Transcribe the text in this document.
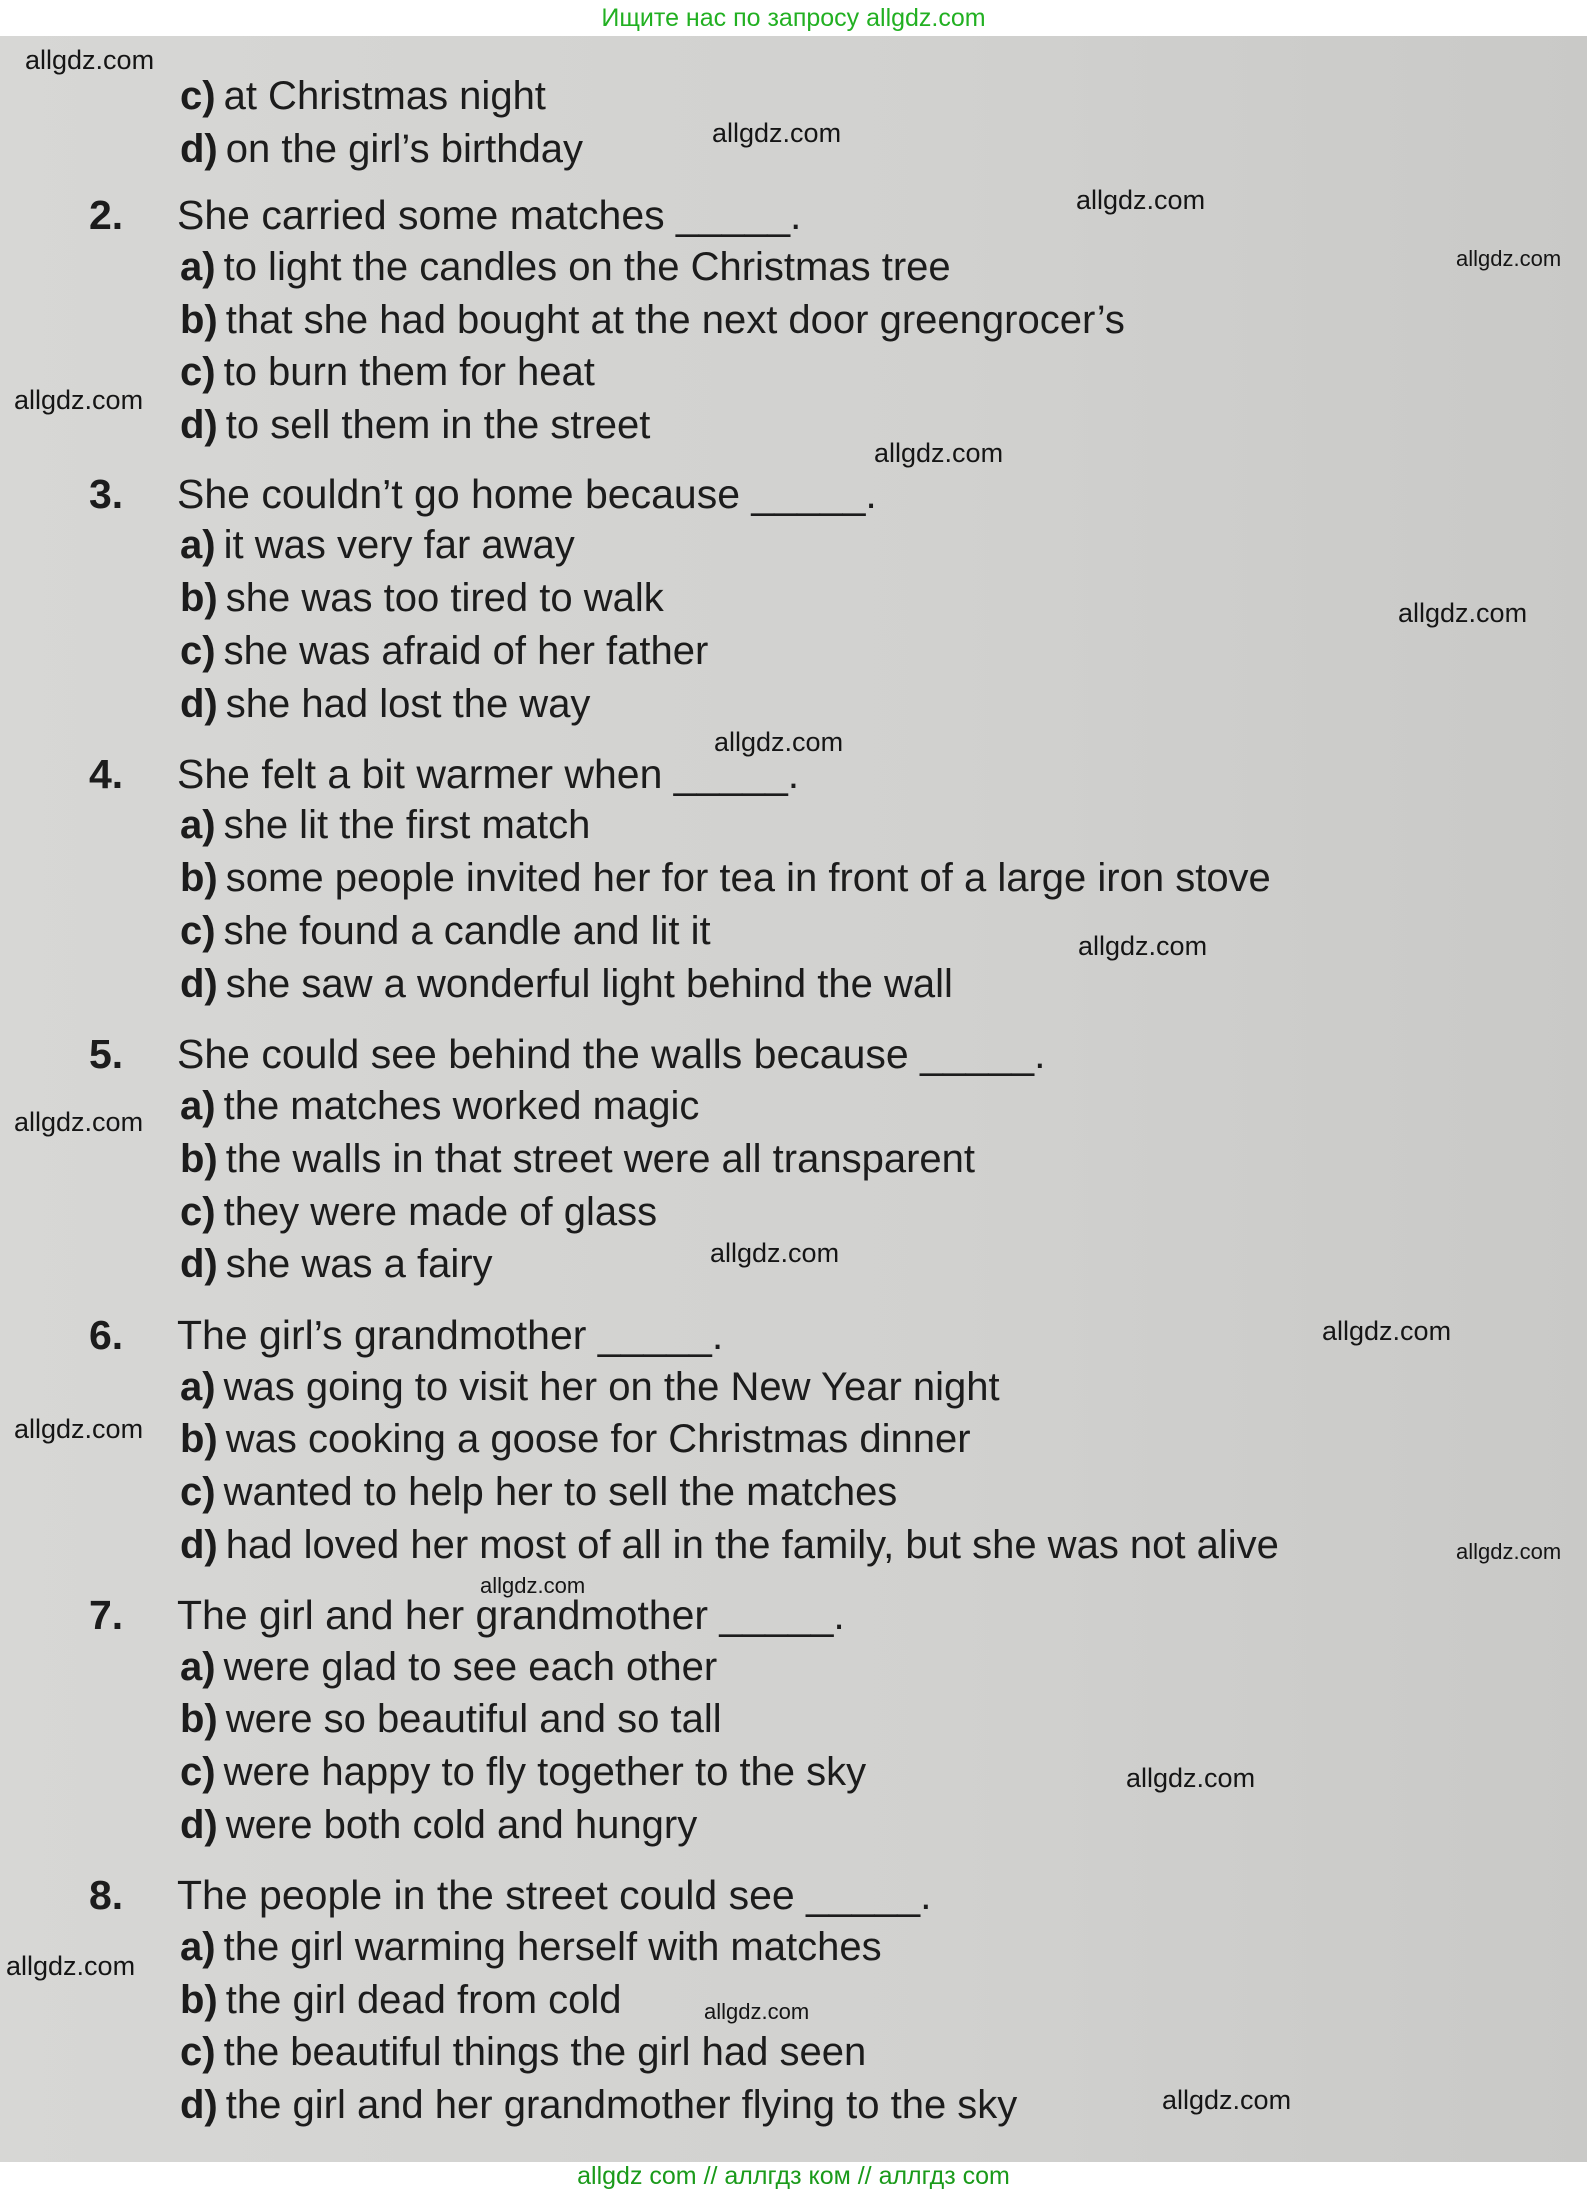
Ищите нас по запросу allgdz.com
c) at Christmas night
d) on the girl’s birthday
2. She carried some matches _____.
a) to light the candles on the Christmas tree
b) that she had bought at the next door greengrocer’s
c) to burn them for heat
d) to sell them in the street
3. She couldn’t go home because _____.
a) it was very far away
b) she was too tired to walk
c) she was afraid of her father
d) she had lost the way
4. She felt a bit warmer when _____.
a) she lit the first match
b) some people invited her for tea in front of a large iron stove
c) she found a candle and lit it
d) she saw a wonderful light behind the wall
5. She could see behind the walls because _____.
a) the matches worked magic
b) the walls in that street were all transparent
c) they were made of glass
d) she was a fairy
6. The girl’s grandmother _____.
a) was going to visit her on the New Year night
b) was cooking a goose for Christmas dinner
c) wanted to help her to sell the matches
d) had loved her most of all in the family, but she was not alive
7. The girl and her grandmother _____.
a) were glad to see each other
b) were so beautiful and so tall
c) were happy to fly together to the sky
d) were both cold and hungry
8. The people in the street could see _____.
a) the girl warming herself with matches
b) the girl dead from cold
c) the beautiful things the girl had seen
d) the girl and her grandmother flying to the sky
allgdz.com
allgdz.com
allgdz.com
allgdz.com
allgdz.com
allgdz.com
allgdz.com
allgdz.com
allgdz.com
allgdz.com
allgdz.com
allgdz.com
allgdz.com
allgdz.com
allgdz.com
allgdz.com
allgdz.com
allgdz.com
allgdz.com
allgdz com // аллгдз ком // аллгдз com
